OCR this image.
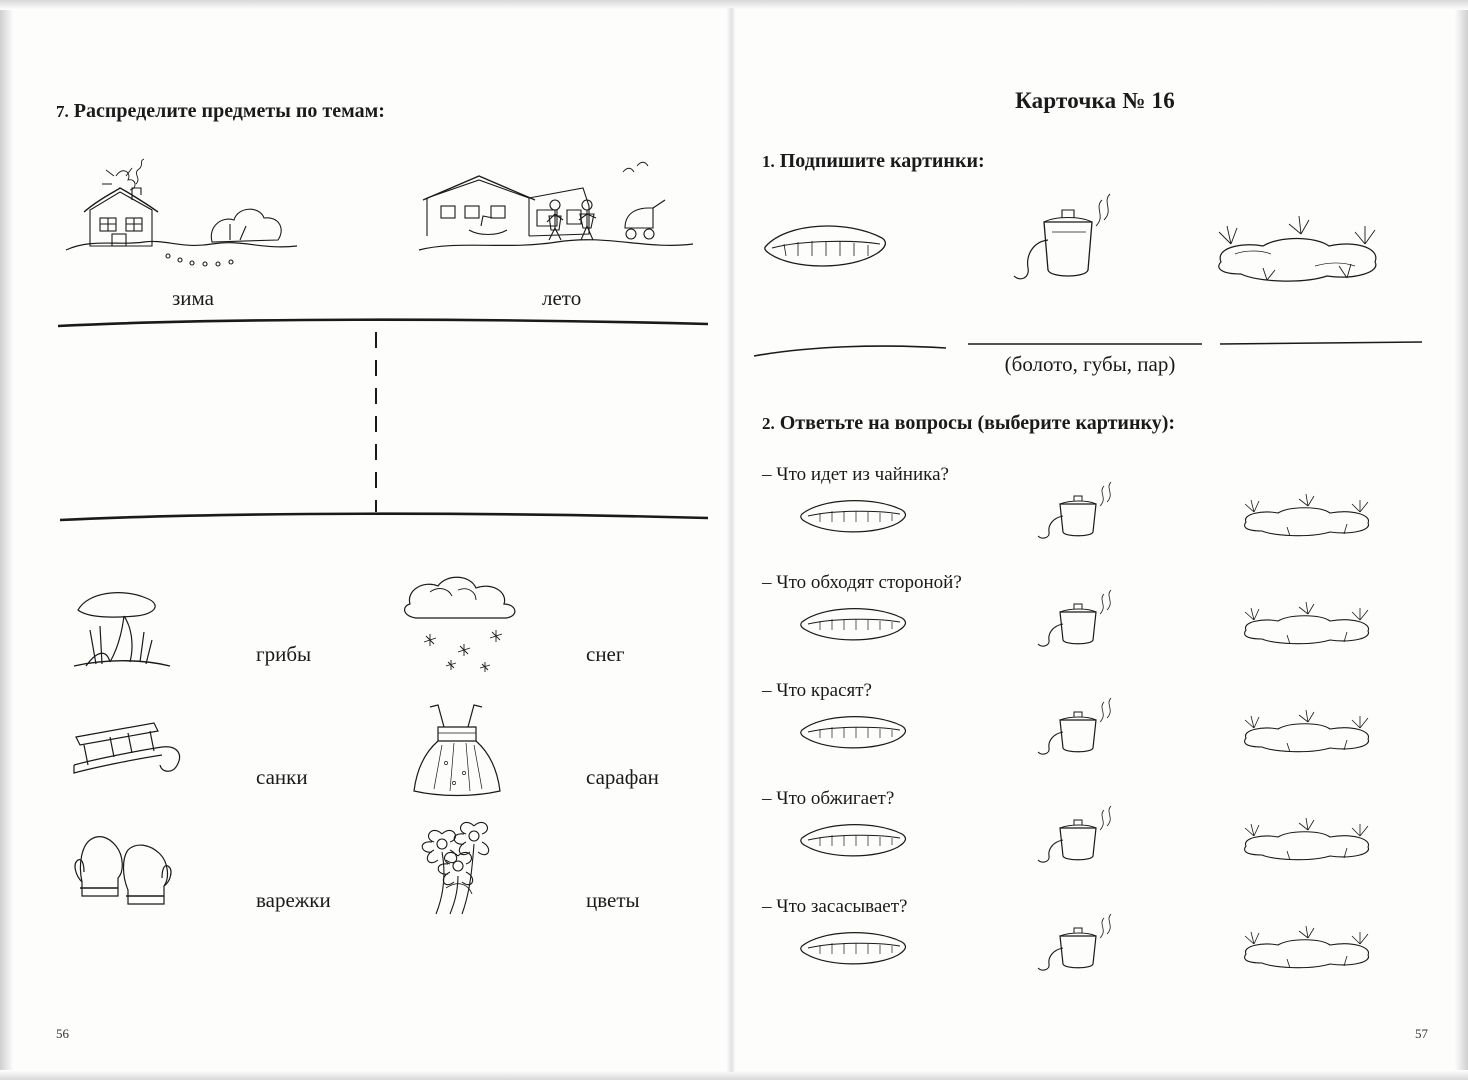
7. Распределите предметы по темам:
зима	лето
грибы	снег
санки	сарафан
варежки	цветы
56
Карточка № 16
1. Подпишите картинки:
(болото, губы, пар)
2. Ответьте на вопросы (выберите картинку):
– Что идет из чайника?
– Что обходят стороной?
– Что красят?
– Что обжигает?
– Что засасывает?
57
